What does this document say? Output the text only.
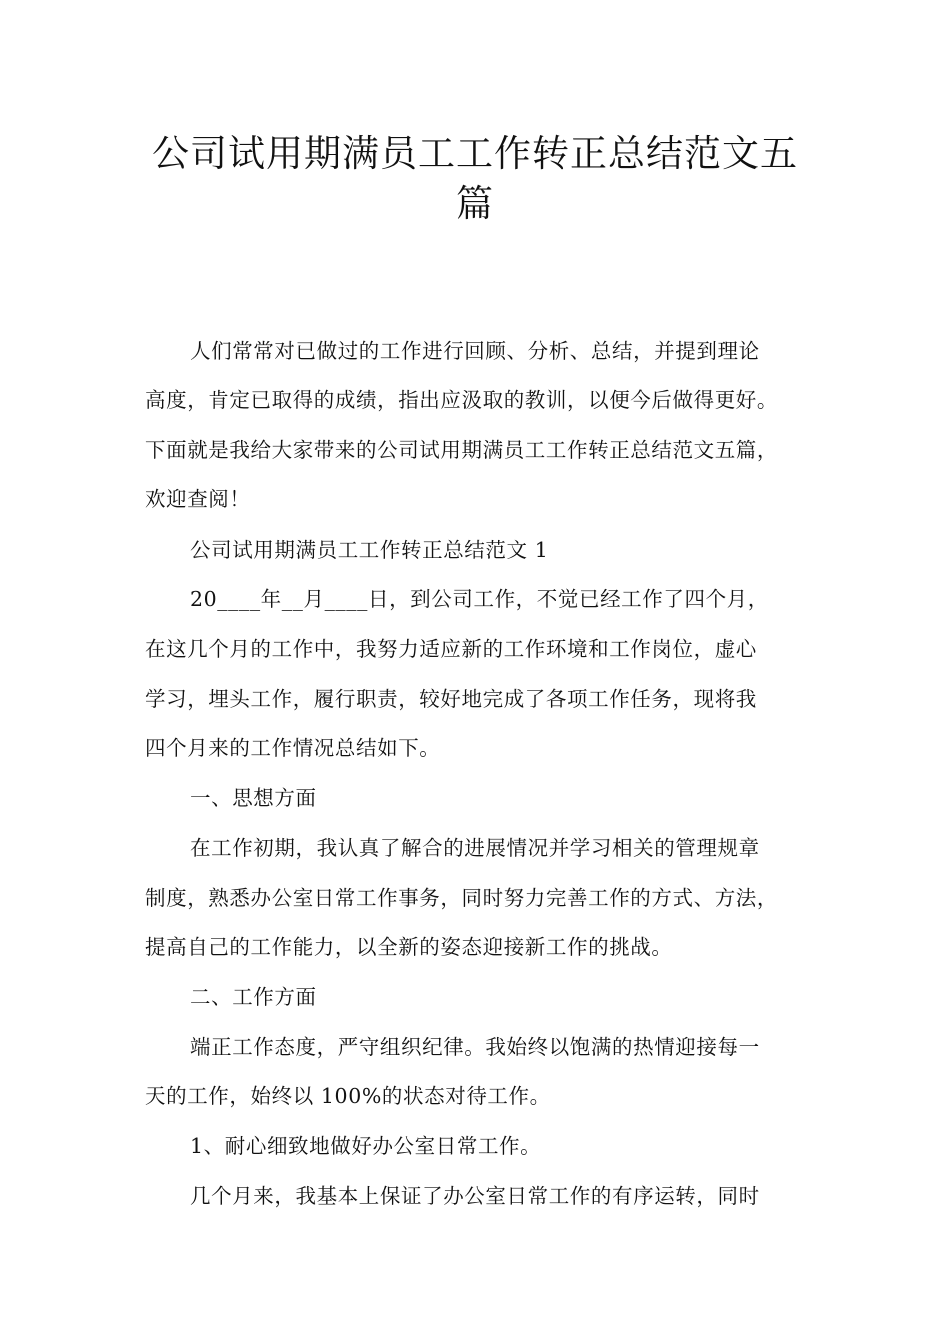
公司试用期满员工工作转正总结范文五
篇
人们常常对已做过的工作进行回顾、分析、总结，并提到理论
高度，肯定已取得的成绩，指出应汲取的教训，以便今后做得更好。
下面就是我给大家带来的公司试用期满员工工作转正总结范文五篇，
欢迎查阅！
公司试用期满员工工作转正总结范文 1
20____年__月____日，到公司工作，不觉已经工作了四个月，
在这几个月的工作中，我努力适应新的工作环境和工作岗位，虚心
学习，埋头工作，履行职责，较好地完成了各项工作任务，现将我
四个月来的工作情况总结如下。
一、思想方面
在工作初期，我认真了解合的进展情况并学习相关的管理规章
制度，熟悉办公室日常工作事务，同时努力完善工作的方式、方法，
提高自己的工作能力，以全新的姿态迎接新工作的挑战。
二、工作方面
端正工作态度，严守组织纪律。我始终以饱满的热情迎接每一
天的工作，始终以 100%的状态对待工作。
1、耐心细致地做好办公室日常工作。
几个月来，我基本上保证了办公室日常工作的有序运转，同时
